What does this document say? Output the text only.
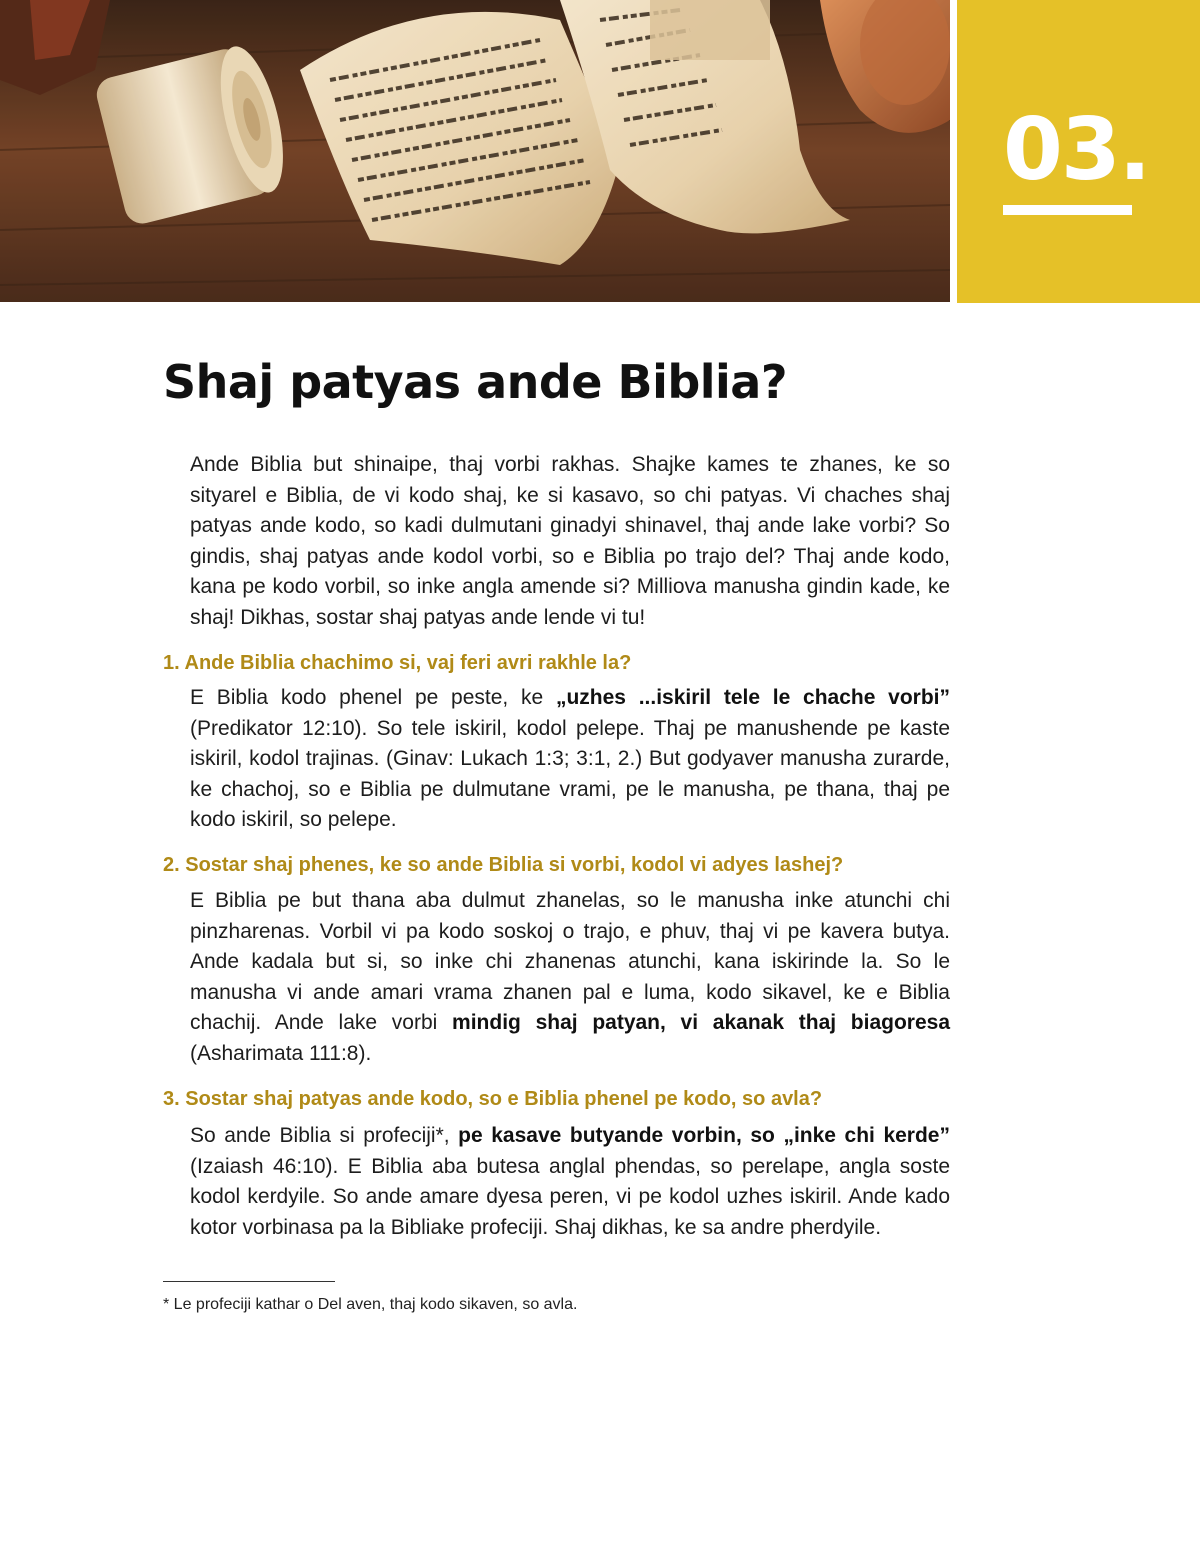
03.
Shaj patyas ande Biblia?

Ande Biblia but shinaipe, thaj vorbi rakhas. Shajke kames te zhanes, ke so sityarel e Biblia, de vi kodo shaj, ke si kasavo, so chi patyas. Vi chaches shaj patyas ande kodo, so kadi dulmutani ginadyi shinavel, thaj ande lake vorbi? So gindis, shaj patyas ande kodol vorbi, so e Biblia po trajo del? Thaj ande kodo, kana pe kodo vorbil, so inke angla amende si? Milliova manusha gindin kade, ke shaj! Dikhas, sostar shaj patyas ande lende vi tu!

1. Ande Biblia chachimo si, vaj feri avri rakhle la?

E Biblia kodo phenel pe peste, ke „uzhes ...iskiril tele le chache vorbi” (Predikator 12:10). So tele iskiril, kodol pelepe. Thaj pe manushende pe kaste iskiril, kodol trajinas. (Ginav: Lukach 1:3; 3:1, 2.) But godyaver manusha zurarde, ke chachoj, so e Biblia pe dulmutane vrami, pe le manusha, pe thana, thaj pe kodo iskiril, so pelepe.

2. Sostar shaj phenes, ke so ande Biblia si vorbi, kodol vi adyes lashej?

E Biblia pe but thana aba dulmut zhanelas, so le manusha inke atunchi chi pinzharenas. Vorbil vi pa kodo soskoj o trajo, e phuv, thaj vi pe kavera butya. Ande kadala but si, so inke chi zhanenas atunchi, kana iskirinde la. So le manusha vi ande amari vrama zhanen pal e luma, kodo sikavel, ke e Biblia chachij. Ande lake vorbi mindig shaj patyan, vi akanak thaj biagoresa (Asharimata 111:8).

3. Sostar shaj patyas ande kodo, so e Biblia phenel pe kodo, so avla?

So ande Biblia si profeciji*, pe kasave butyande vorbin, so „inke chi kerde” (Izaiash 46:10). E Biblia aba butesa anglal phendas, so perelape, angla soste kodol kerdyile. So ande amare dyesa peren, vi pe kodol uzhes iskiril. Ande kado kotor vorbinasa pa la Bibliake profeciji. Shaj dikhas, ke sa andre pherdyile.

* Le profeciji kathar o Del aven, thaj kodo sikaven, so avla.
